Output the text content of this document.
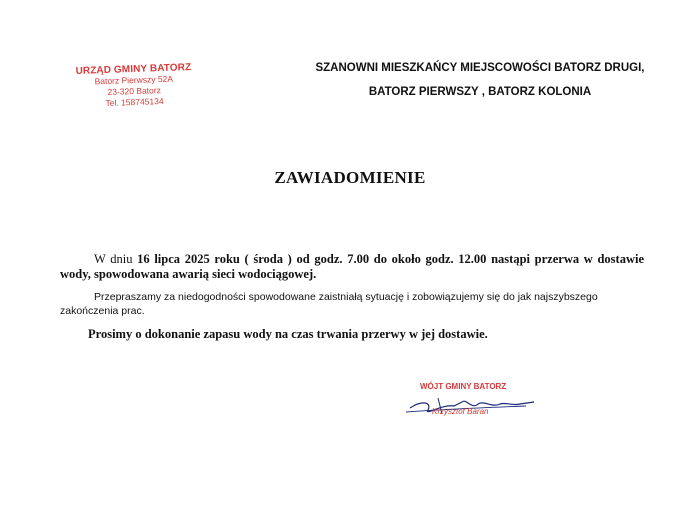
URZĄD GMINY BATORZ
Batorz Pierwszy 52A
23-320 Batorz
Tel. 158745134
SZANOWNI MIESZKAŃCY MIEJSCOWOŚCI BATORZ DRUGI,
BATORZ PIERWSZY , BATORZ KOLONIA
ZAWIADOMIENIE

W dniu 16 lipca 2025 roku ( środa ) od godz. 7.00 do około godz. 12.00 nastąpi przerwa w dostawie wody, spowodowana awarią sieci wodociągowej.

Przepraszamy za niedogodności spowodowane zaistniałą sytuację i zobowiązujemy się do jak najszybszego zakończenia prac.

Prosimy o dokonanie zapasu wody na czas trwania przerwy w jej dostawie.

WÓJT GMINY BATORZ
Krzysztof Baran
